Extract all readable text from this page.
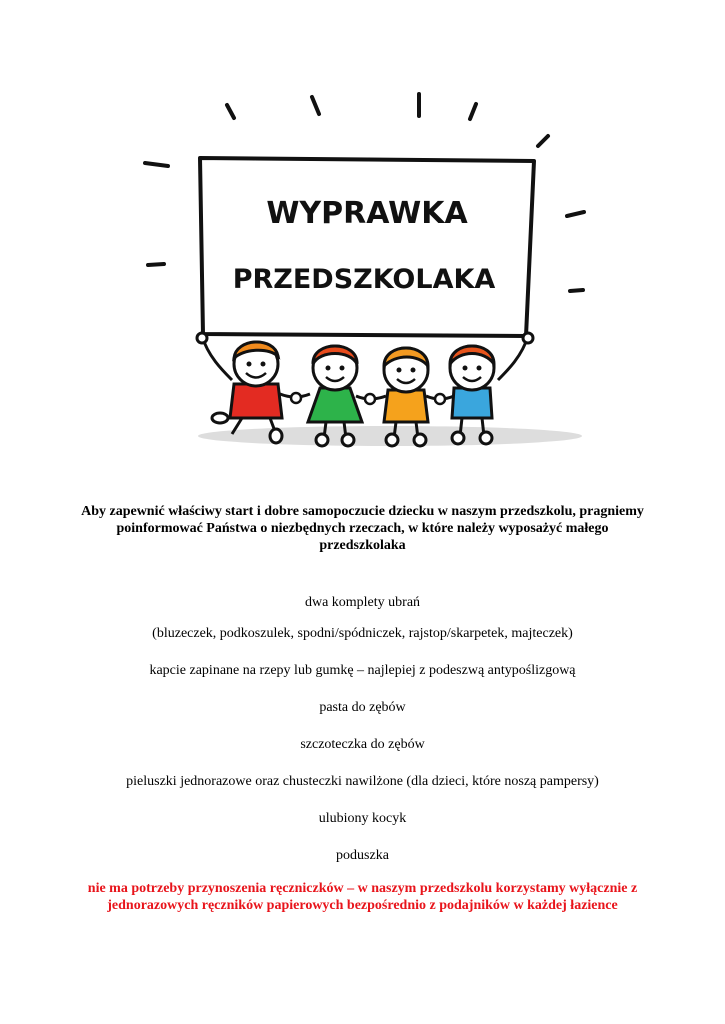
WYPRAWKA
PRZEDSZKOLAKA
Aby zapewnić właściwy start i dobre samopoczucie dziecku w naszym przedszkolu, pragniemy poinformować Państwa o niezbędnych rzeczach, w które należy wyposażyć małego przedszkolaka
dwa komplety ubrań
(bluzeczek, podkoszulek, spodni/spódniczek, rajstop/skarpetek, majteczek)
kapcie zapinane na rzepy lub gumkę – najlepiej z podeszwą antypoślizgową
pasta do zębów
szczoteczka do zębów
pieluszki jednorazowe oraz chusteczki nawilżone (dla dzieci, które noszą pampersy)
ulubiony kocyk
poduszka
nie ma potrzeby przynoszenia ręczniczków – w naszym przedszkolu korzystamy wyłącznie z jednorazowych ręczników papierowych bezpośrednio z podajników w każdej łazience
